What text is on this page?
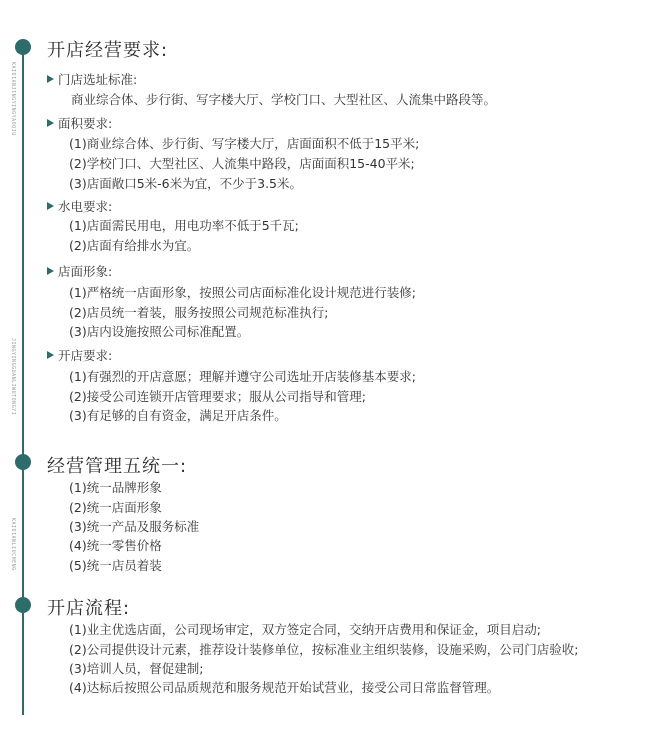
KAIDIANJINGYINGYAOQIU
JINGYINGGUANLIWUTONGYI
KAIDIANLIUCHENG
开店经营要求:
门店选址标准:
商业综合体、步行街、写字楼大厅、学校门口、大型社区、人流集中路段等。
面积要求:
(1)商业综合体、步行街、写字楼大厅，店面面积不低于15平米;
(2)学校门口、大型社区、人流集中路段，店面面积15-40平米;
(3)店面敞口5米-6米为宜，不少于3.5米。
水电要求:
(1)店面需民用电，用电功率不低于5千瓦;
(2)店面有给排水为宜。
店面形象:
(1)严格统一店面形象，按照公司店面标准化设计规范进行装修;
(2)店员统一着装，服务按照公司规范标准执行;
(3)店内设施按照公司标准配置。
开店要求:
(1)有强烈的开店意愿；理解并遵守公司选址开店装修基本要求;
(2)接受公司连锁开店管理要求；服从公司指导和管理;
(3)有足够的自有资金，满足开店条件。
经营管理五统一:
(1)统一品牌形象
(2)统一店面形象
(3)统一产品及服务标准
(4)统一零售价格
(5)统一店员着装
开店流程:
(1)业主优选店面，公司现场审定，双方签定合同，交纳开店费用和保证金，项目启动;
(2)公司提供设计元素，推荐设计装修单位，按标准业主组织装修，设施采购，公司门店验收;
(3)培训人员，督促建制;
(4)达标后按照公司品质规范和服务规范开始试营业，接受公司日常监督管理。
